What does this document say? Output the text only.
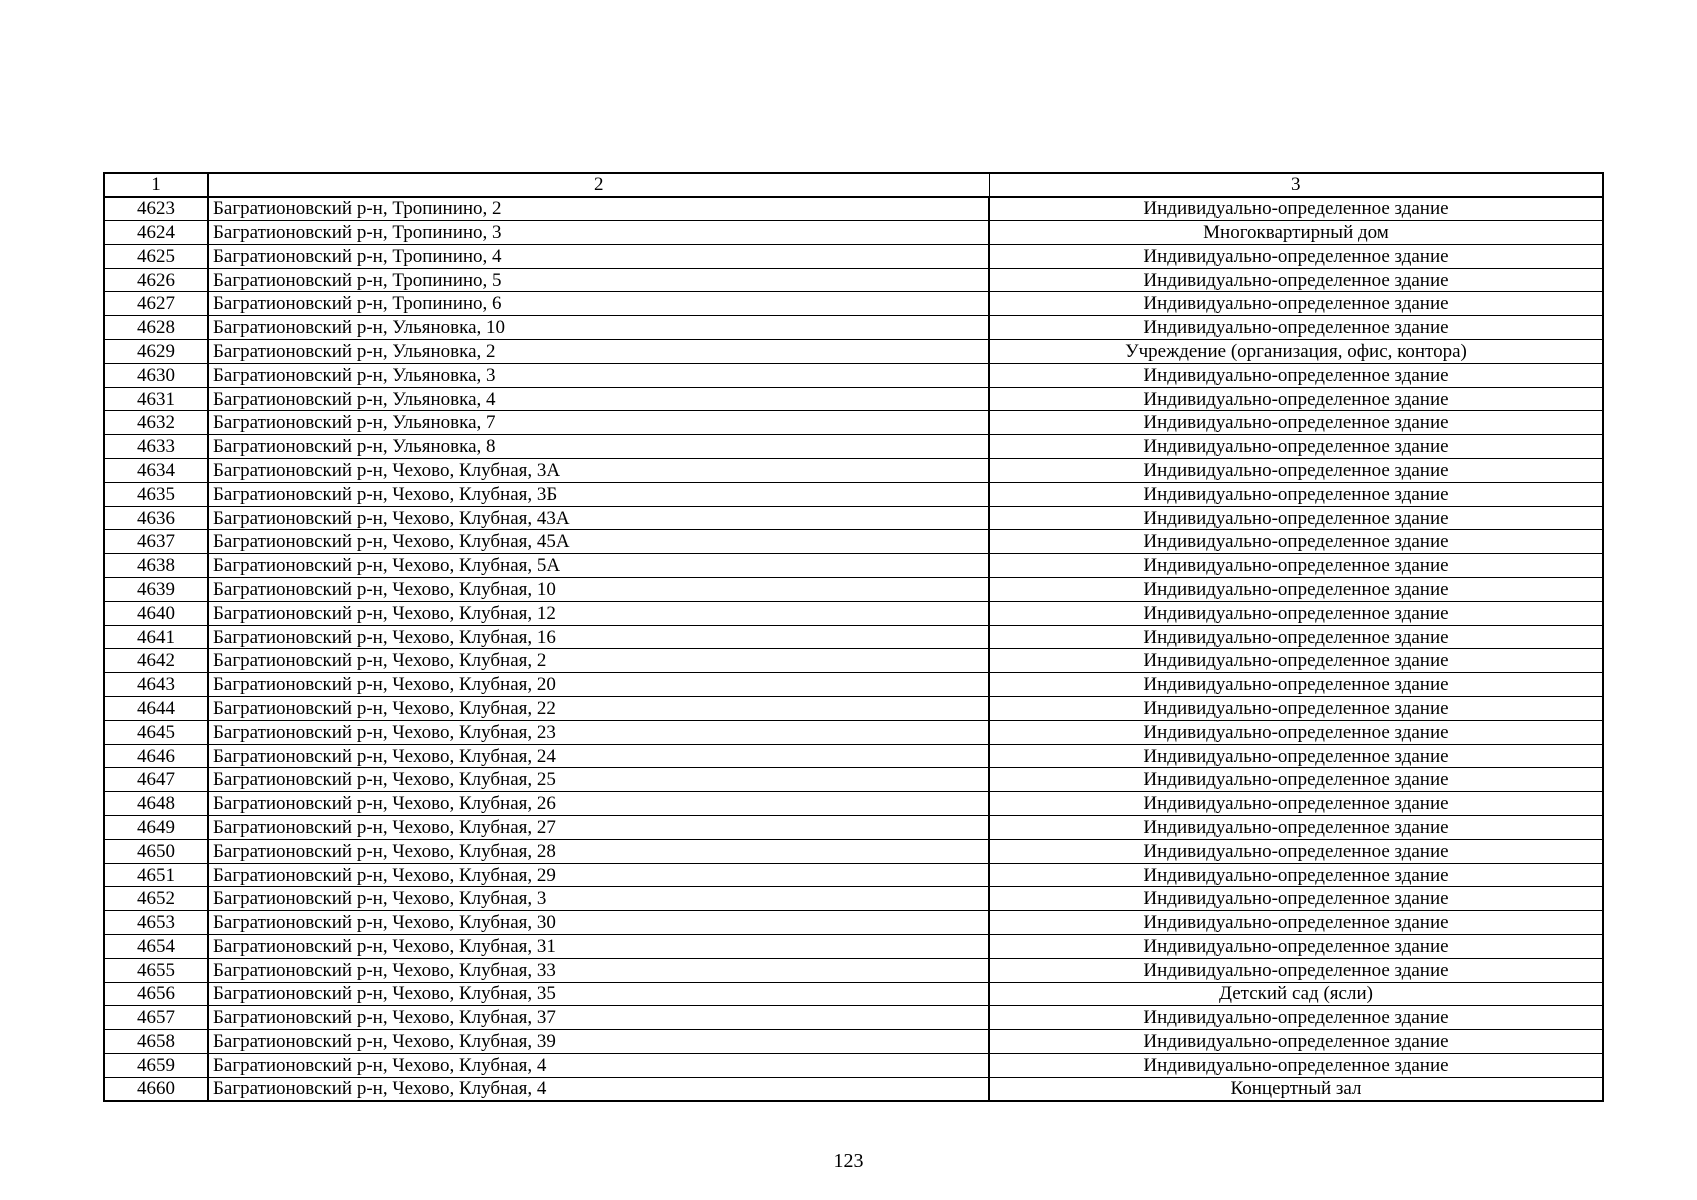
1	2	3
4623	Багратионовский р-н, Тропинино, 2	Индивидуально-определенное здание
4624	Багратионовский р-н, Тропинино, 3	Многоквартирный дом
4625	Багратионовский р-н, Тропинино, 4	Индивидуально-определенное здание
4626	Багратионовский р-н, Тропинино, 5	Индивидуально-определенное здание
4627	Багратионовский р-н, Тропинино, 6	Индивидуально-определенное здание
4628	Багратионовский р-н, Ульяновка, 10	Индивидуально-определенное здание
4629	Багратионовский р-н, Ульяновка, 2	Учреждение (организация, офис, контора)
4630	Багратионовский р-н, Ульяновка, 3	Индивидуально-определенное здание
4631	Багратионовский р-н, Ульяновка, 4	Индивидуально-определенное здание
4632	Багратионовский р-н, Ульяновка, 7	Индивидуально-определенное здание
4633	Багратионовский р-н, Ульяновка, 8	Индивидуально-определенное здание
4634	Багратионовский р-н, Чехово, Клубная, 3А	Индивидуально-определенное здание
4635	Багратионовский р-н, Чехово, Клубная, 3Б	Индивидуально-определенное здание
4636	Багратионовский р-н, Чехово, Клубная, 43А	Индивидуально-определенное здание
4637	Багратионовский р-н, Чехово, Клубная, 45А	Индивидуально-определенное здание
4638	Багратионовский р-н, Чехово, Клубная, 5А	Индивидуально-определенное здание
4639	Багратионовский р-н, Чехово, Клубная, 10	Индивидуально-определенное здание
4640	Багратионовский р-н, Чехово, Клубная, 12	Индивидуально-определенное здание
4641	Багратионовский р-н, Чехово, Клубная, 16	Индивидуально-определенное здание
4642	Багратионовский р-н, Чехово, Клубная, 2	Индивидуально-определенное здание
4643	Багратионовский р-н, Чехово, Клубная, 20	Индивидуально-определенное здание
4644	Багратионовский р-н, Чехово, Клубная, 22	Индивидуально-определенное здание
4645	Багратионовский р-н, Чехово, Клубная, 23	Индивидуально-определенное здание
4646	Багратионовский р-н, Чехово, Клубная, 24	Индивидуально-определенное здание
4647	Багратионовский р-н, Чехово, Клубная, 25	Индивидуально-определенное здание
4648	Багратионовский р-н, Чехово, Клубная, 26	Индивидуально-определенное здание
4649	Багратионовский р-н, Чехово, Клубная, 27	Индивидуально-определенное здание
4650	Багратионовский р-н, Чехово, Клубная, 28	Индивидуально-определенное здание
4651	Багратионовский р-н, Чехово, Клубная, 29	Индивидуально-определенное здание
4652	Багратионовский р-н, Чехово, Клубная, 3	Индивидуально-определенное здание
4653	Багратионовский р-н, Чехово, Клубная, 30	Индивидуально-определенное здание
4654	Багратионовский р-н, Чехово, Клубная, 31	Индивидуально-определенное здание
4655	Багратионовский р-н, Чехово, Клубная, 33	Индивидуально-определенное здание
4656	Багратионовский р-н, Чехово, Клубная, 35	Детский сад (ясли)
4657	Багратионовский р-н, Чехово, Клубная, 37	Индивидуально-определенное здание
4658	Багратионовский р-н, Чехово, Клубная, 39	Индивидуально-определенное здание
4659	Багратионовский р-н, Чехово, Клубная, 4	Индивидуально-определенное здание
4660	Багратионовский р-н, Чехово, Клубная, 4	Концертный зал
123
